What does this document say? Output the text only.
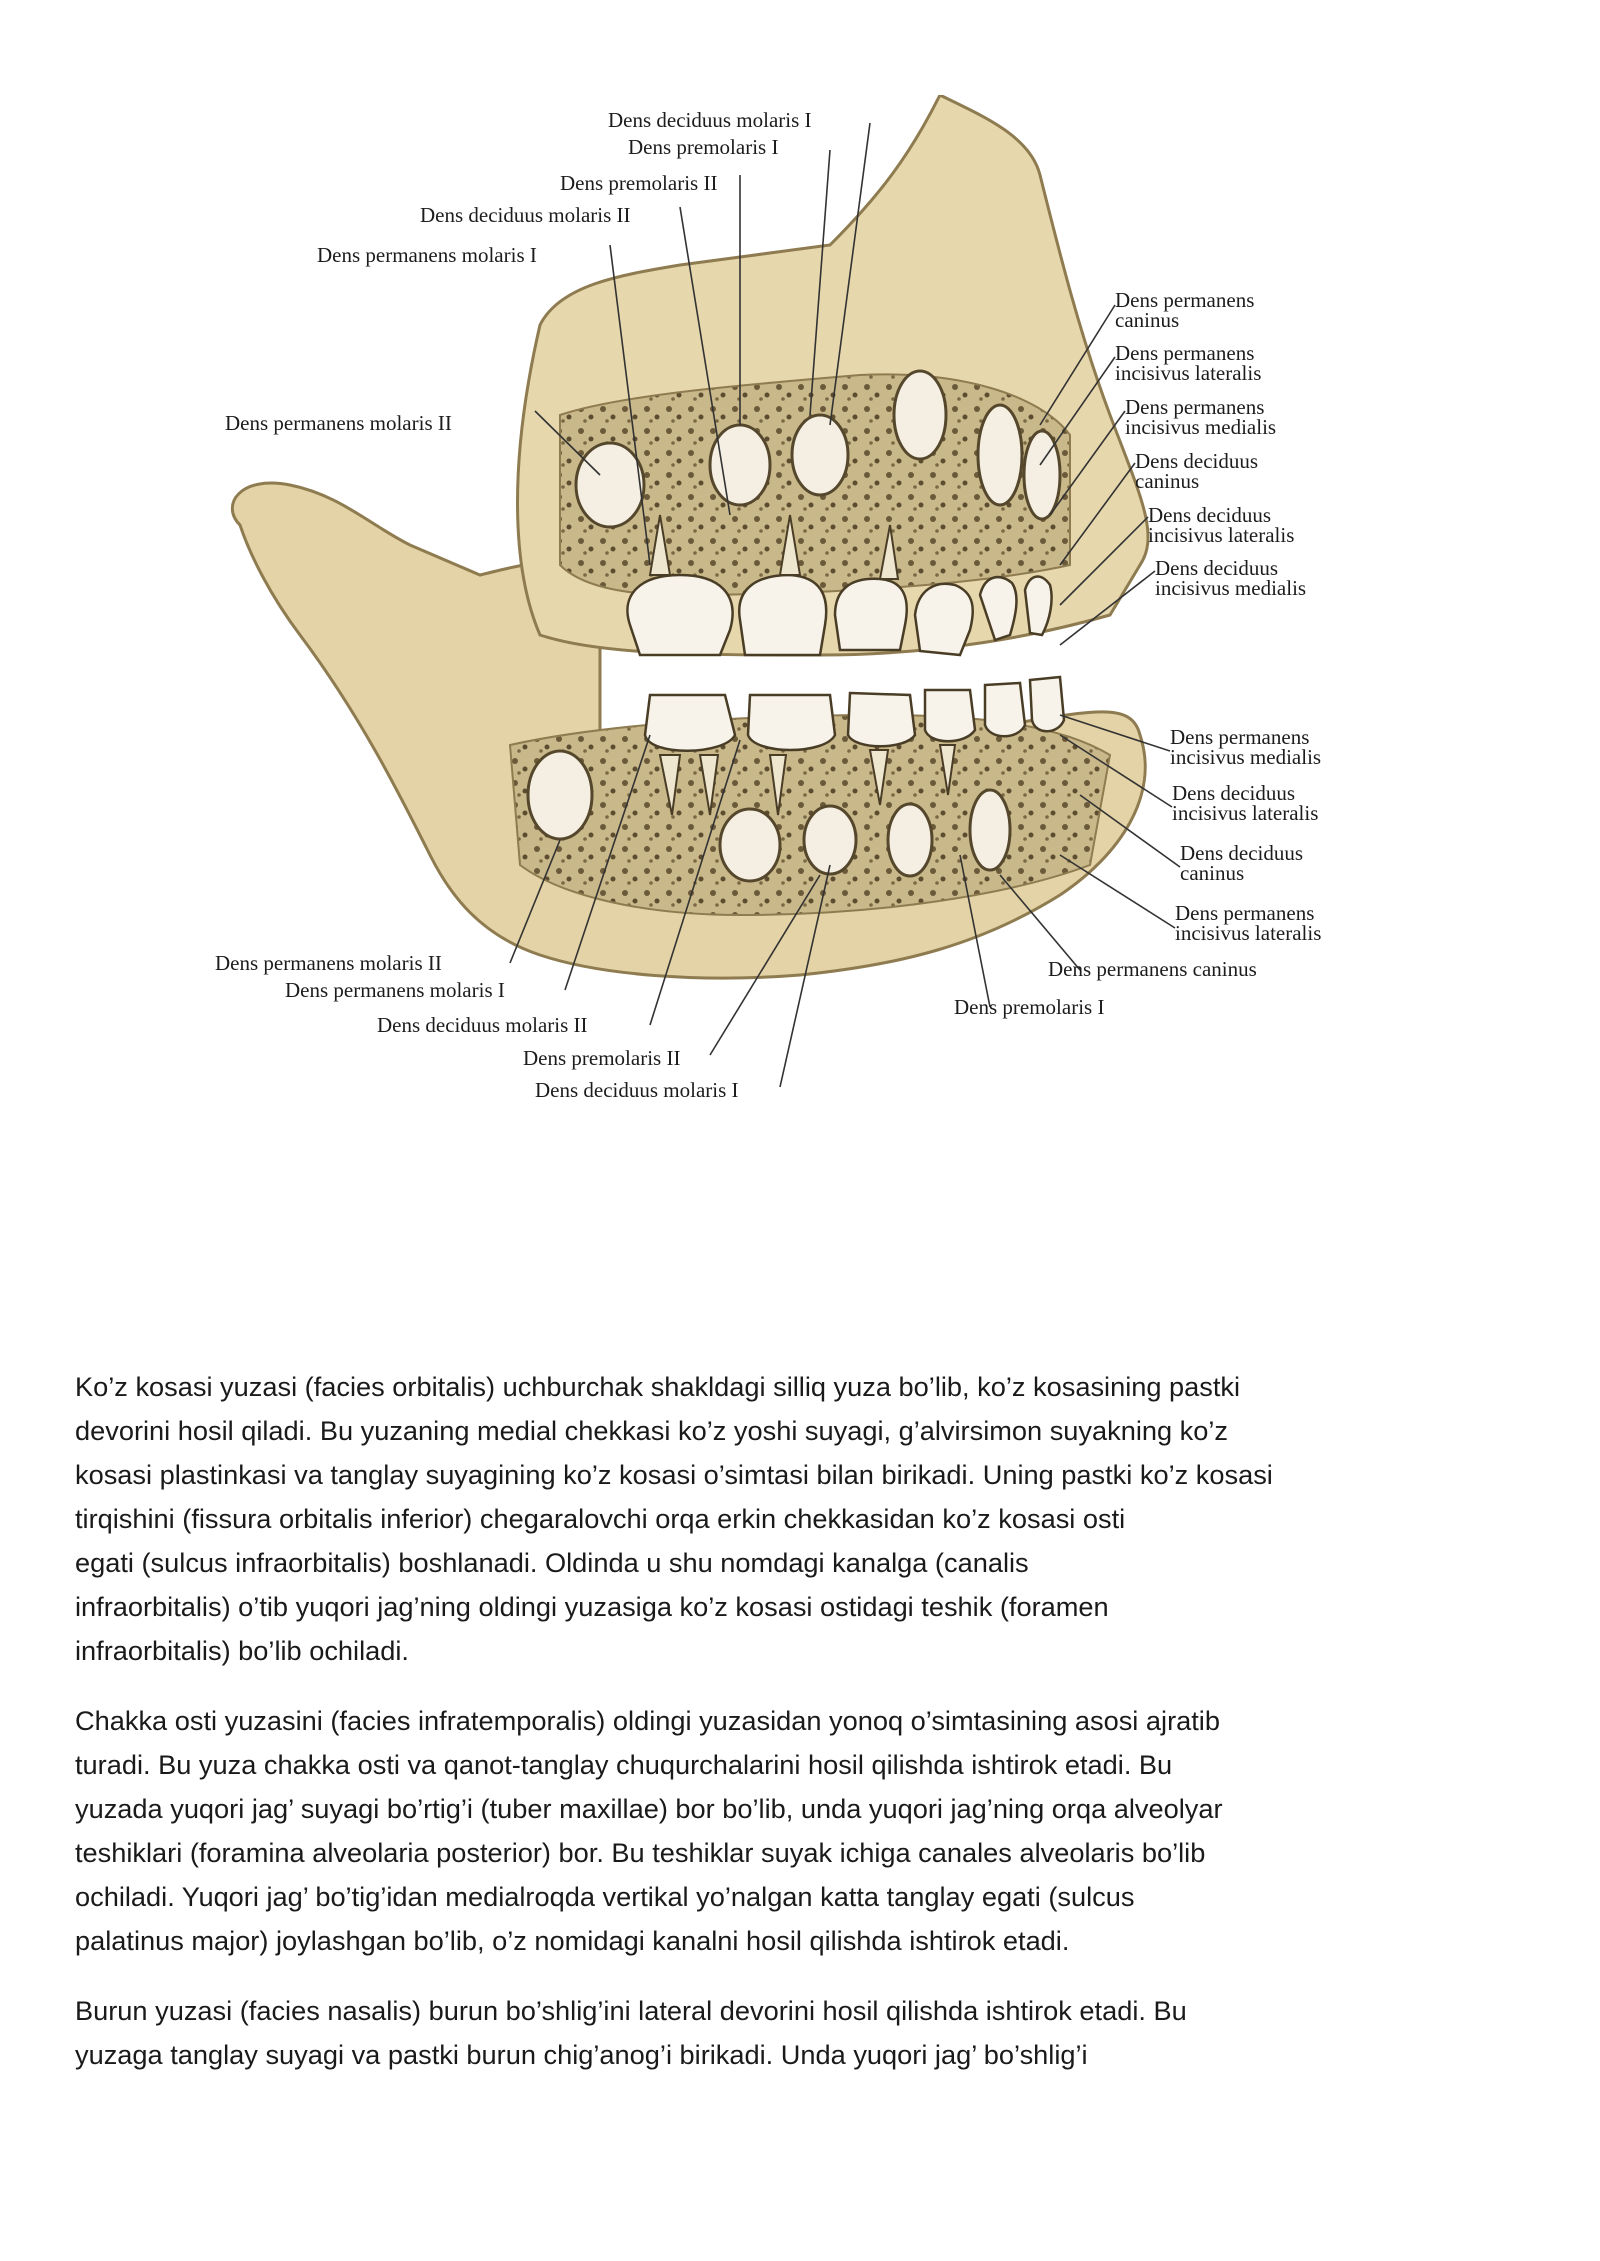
Dens deciduus molaris I
Dens premolaris I
Dens premolaris II
Dens deciduus molaris II
Dens permanens molaris I
Dens permanens molaris II
Dens permanens
caninus
Dens permanens
incisivus lateralis
Dens permanens
incisivus medialis
Dens deciduus
caninus
Dens deciduus
incisivus lateralis
Dens deciduus
incisivus medialis
Dens permanens
incisivus medialis
Dens deciduus
incisivus lateralis
Dens deciduus
caninus
Dens permanens
incisivus lateralis
Dens permanens caninus
Dens premolaris I
Dens permanens molaris II
Dens permanens molaris I
Dens deciduus molaris II
Dens premolaris II
Dens deciduus molaris I

Ko’z kosasi yuzasi (facies orbitalis) uchburchak shakldagi silliq yuza bo’lib, ko’z kosasining pastki
devorini hosil qiladi. Bu yuzaning medial chekkasi ko’z yoshi suyagi, g’alvirsimon suyakning ko’z
kosasi plastinkasi va tanglay suyagining ko’z kosasi o’simtasi bilan birikadi. Uning pastki ko’z kosasi
tirqishini (fissura orbitalis inferior) chegaralovchi orqa erkin chekkasidan ko’z kosasi osti
egati (sulcus infraorbitalis) boshlanadi. Oldinda u shu nomdagi kanalga (canalis
infraorbitalis) o’tib yuqori jag’ning oldingi yuzasiga ko’z kosasi ostidagi teshik (foramen
infraorbitalis) bo’lib ochiladi.

Chakka osti yuzasini (facies infratemporalis) oldingi yuzasidan yonoq o’simtasining asosi ajratib
turadi. Bu yuza chakka osti va qanot-tanglay chuqurchalarini hosil qilishda ishtirok etadi. Bu
yuzada yuqori jag’ suyagi bo’rtig’i (tuber maxillae) bor bo’lib, unda yuqori jag’ning orqa alveolyar
teshiklari (foramina alveolaria posterior) bor. Bu teshiklar suyak ichiga canales alveolaris bo’lib
ochiladi. Yuqori jag’ bo’tig’idan medialroqda vertikal yo’nalgan katta tanglay egati (sulcus
palatinus major) joylashgan bo’lib, o’z nomidagi kanalni hosil qilishda ishtirok etadi.

Burun yuzasi (facies nasalis) burun bo’shlig’ini lateral devorini hosil qilishda ishtirok etadi. Bu
yuzaga tanglay suyagi va pastki burun chig’anog’i birikadi. Unda yuqori jag’ bo’shlig’i
